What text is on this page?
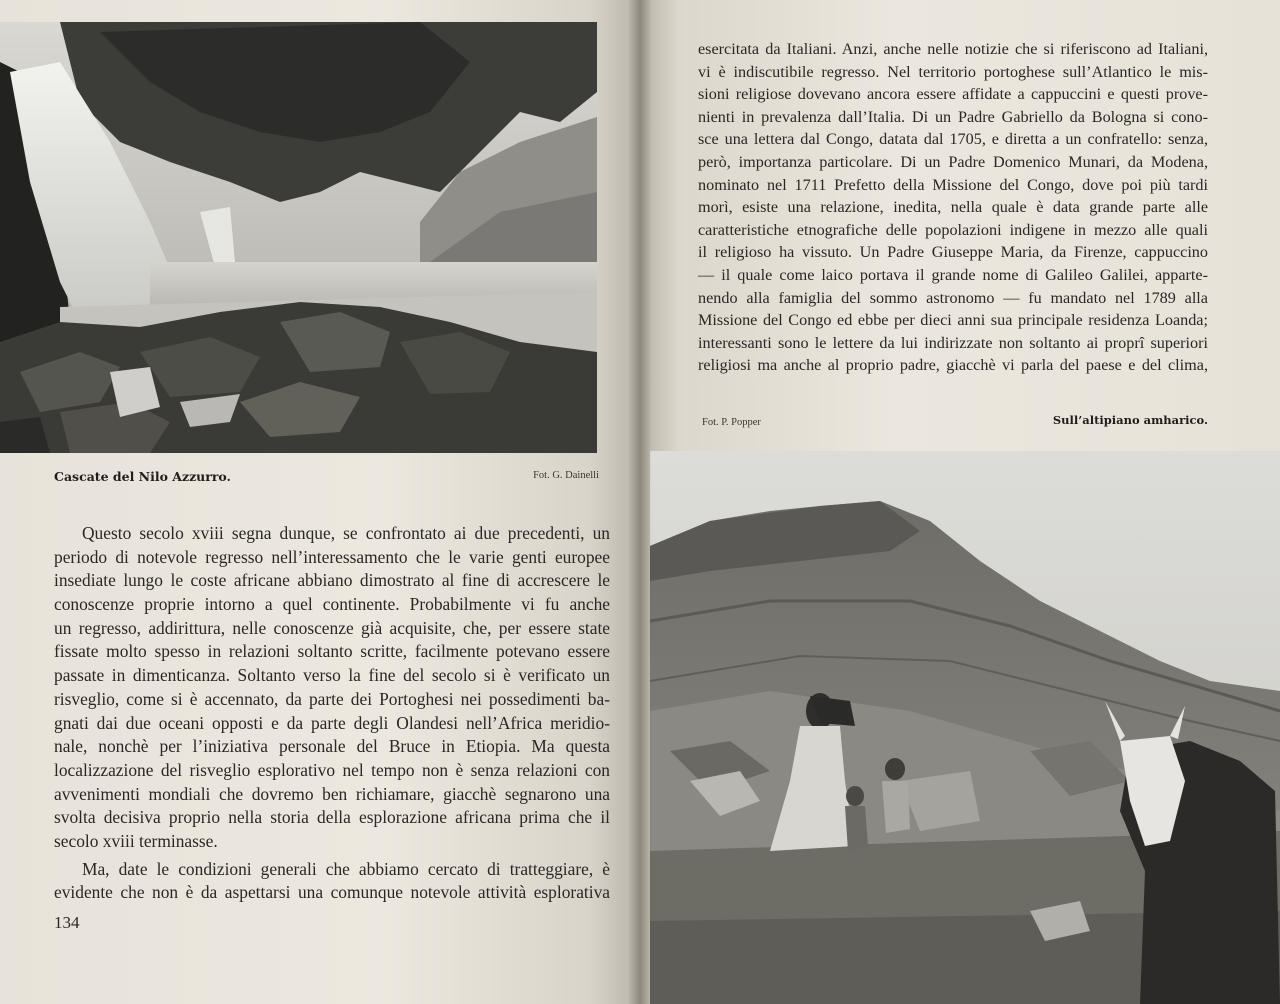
Cascate del Nilo Azzurro.	Fot. G. Dainelli
Questo secolo xviii segna dunque, se confrontato ai due precedenti, un
periodo di notevole regresso nell’interessamento che le varie genti europee
insediate lungo le coste africane abbiano dimostrato al fine di accrescere le
conoscenze proprie intorno a quel continente. Probabilmente vi fu anche
un regresso, addirittura, nelle conoscenze già acquisite, che, per essere state
fissate molto spesso in relazioni soltanto scritte, facilmente potevano essere
passate in dimenticanza. Soltanto verso la fine del secolo si è verificato un
risveglio, come si è accennato, da parte dei Portoghesi nei possedimenti ba-
gnati dai due oceani opposti e da parte degli Olandesi nell’Africa meridio-
nale, nonchè per l’iniziativa personale del Bruce in Etiopia. Ma questa
localizzazione del risveglio esplorativo nel tempo non è senza relazioni con
avvenimenti mondiali che dovremo ben richiamare, giacchè segnarono una
svolta decisiva proprio nella storia della esplorazione africana prima che il
secolo xviii terminasse.
Ma, date le condizioni generali che abbiamo cercato di tratteggiare, è
evidente che non è da aspettarsi una comunque notevole attività esplorativa
134
esercitata da Italiani. Anzi, anche nelle notizie che si riferiscono ad Italiani,
vi è indiscutibile regresso. Nel territorio portoghese sull’Atlantico le mis-
sioni religiose dovevano ancora essere affidate a cappuccini e questi prove-
nienti in prevalenza dall’Italia. Di un Padre Gabriello da Bologna si cono-
sce una lettera dal Congo, datata dal 1705, e diretta a un confratello: senza,
però, importanza particolare. Di un Padre Domenico Munari, da Modena,
nominato nel 1711 Prefetto della Missione del Congo, dove poi più tardi
morì, esiste una relazione, inedita, nella quale è data grande parte alle
caratteristiche etnografiche delle popolazioni indigene in mezzo alle quali
il religioso ha vissuto. Un Padre Giuseppe Maria, da Firenze, cappuccino
— il quale come laico portava il grande nome di Galileo Galilei, apparte-
nendo alla famiglia del sommo astronomo — fu mandato nel 1789 alla
Missione del Congo ed ebbe per dieci anni sua principale residenza Loanda;
interessanti sono le lettere da lui indirizzate non soltanto ai proprî superiori
religiosi ma anche al proprio padre, giacchè vi parla del paese e del clima,
Fot. P. Popper	Sull’altipiano amharico.
